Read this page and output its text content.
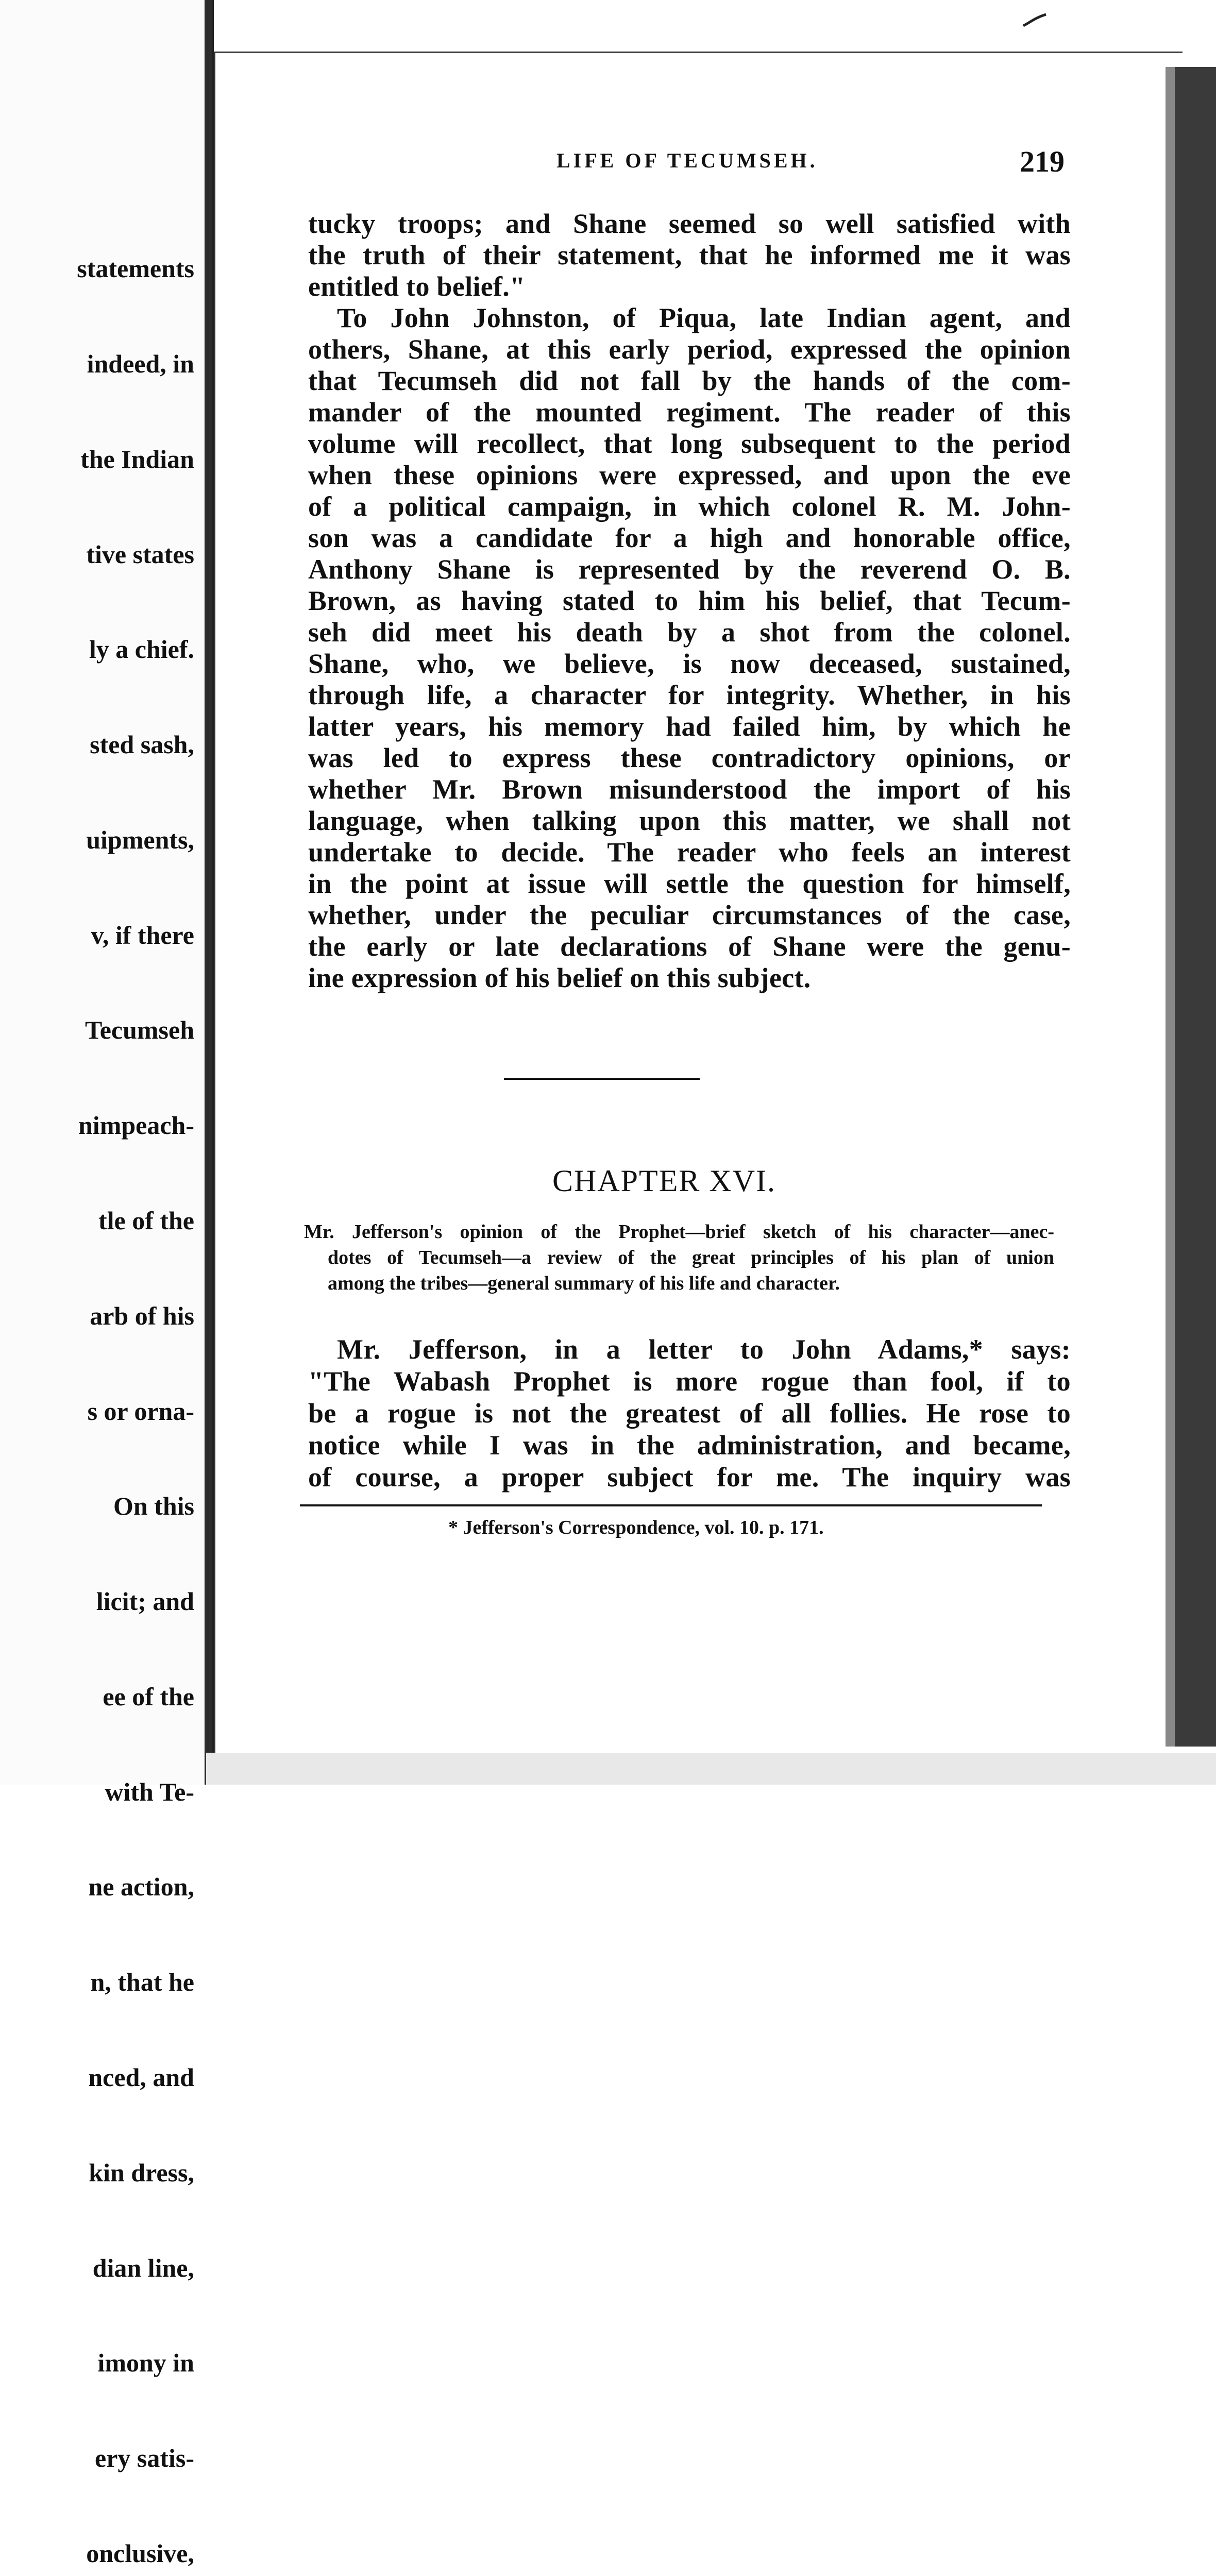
statements

indeed, in

the Indian

tive states

ly a chief.

sted sash,

uipments,

v, if there

Tecumseh

nimpeach-

tle of the

arb of his

s or orna-

On this

licit; and

ee of the

with Te-

ne action,

n, that he

nced, and

kin dress,

dian line,

imony in

ery satis-

onclusive,

LIFE OF TECUMSEH.	219
tucky troops; and Shane seemed so well satisfied with
the truth of their statement, that he informed me it was
entitled to belief."
To John Johnston, of Piqua, late Indian agent, and
others, Shane, at this early period, expressed the opinion
that Tecumseh did not fall by the hands of the com-
mander of the mounted regiment. The reader of this
volume will recollect, that long subsequent to the period
when these opinions were expressed, and upon the eve
of a political campaign, in which colonel R. M. John-
son was a candidate for a high and honorable office,
Anthony Shane is represented by the reverend O. B.
Brown, as having stated to him his belief, that Tecum-
seh did meet his death by a shot from the colonel.
Shane, who, we believe, is now deceased, sustained,
through life, a character for integrity. Whether, in his
latter years, his memory had failed him, by which he
was led to express these contradictory opinions, or
whether Mr. Brown misunderstood the import of his
language, when talking upon this matter, we shall not
undertake to decide. The reader who feels an interest
in the point at issue will settle the question for himself,
whether, under the peculiar circumstances of the case,
the early or late declarations of Shane were the genu-
ine expression of his belief on this subject.
CHAPTER XVI.
Mr. Jefferson's opinion of the Prophet—brief sketch of his character—anec-
dotes of Tecumseh—a review of the great principles of his plan of union
among the tribes—general summary of his life and character.
Mr. Jefferson, in a letter to John Adams,* says:
"The Wabash Prophet is more rogue than fool, if to
be a rogue is not the greatest of all follies. He rose to
notice while I was in the administration, and became,
of course, a proper subject for me. The inquiry was
* Jefferson's Correspondence, vol. 10. p. 171.
